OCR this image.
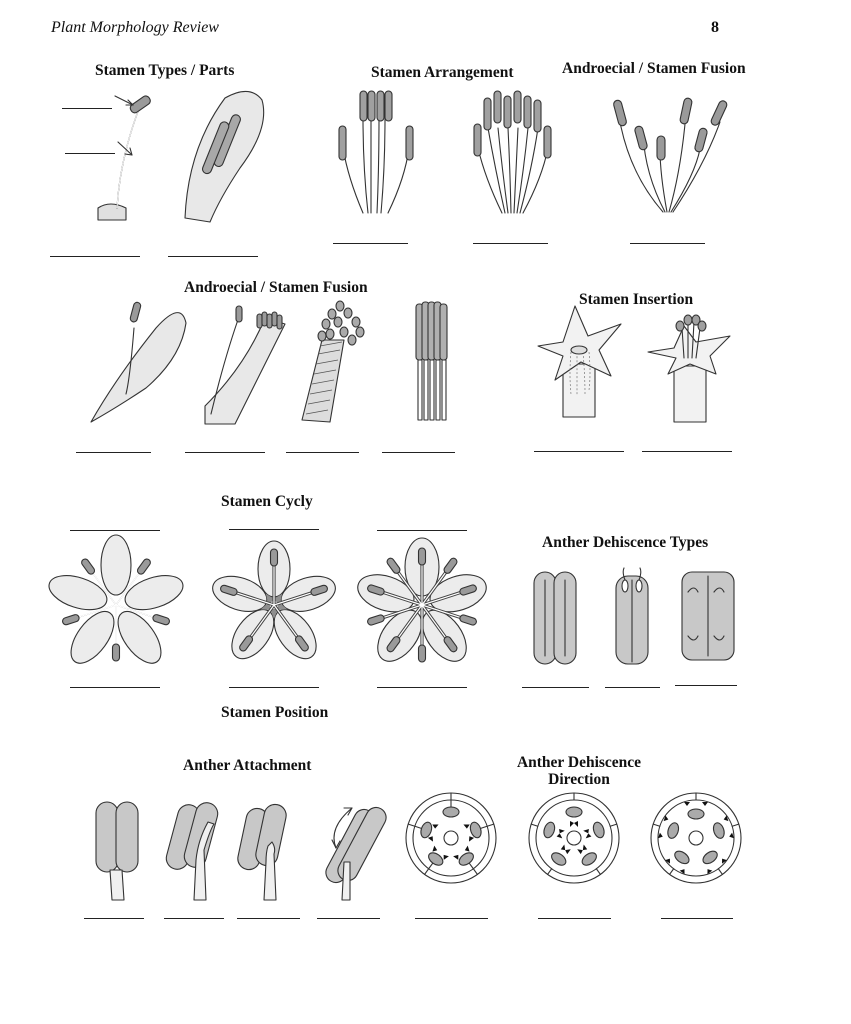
Plant Morphology Review	8
Stamen Types / Parts	Stamen Arrangement	Androecial / Stamen Fusion
Androecial / Stamen Fusion
Stamen Insertion
Stamen Cycly
Anther Dehiscence Types
Stamen Position
Anther Attachment	Anther Dehiscence
Direction
